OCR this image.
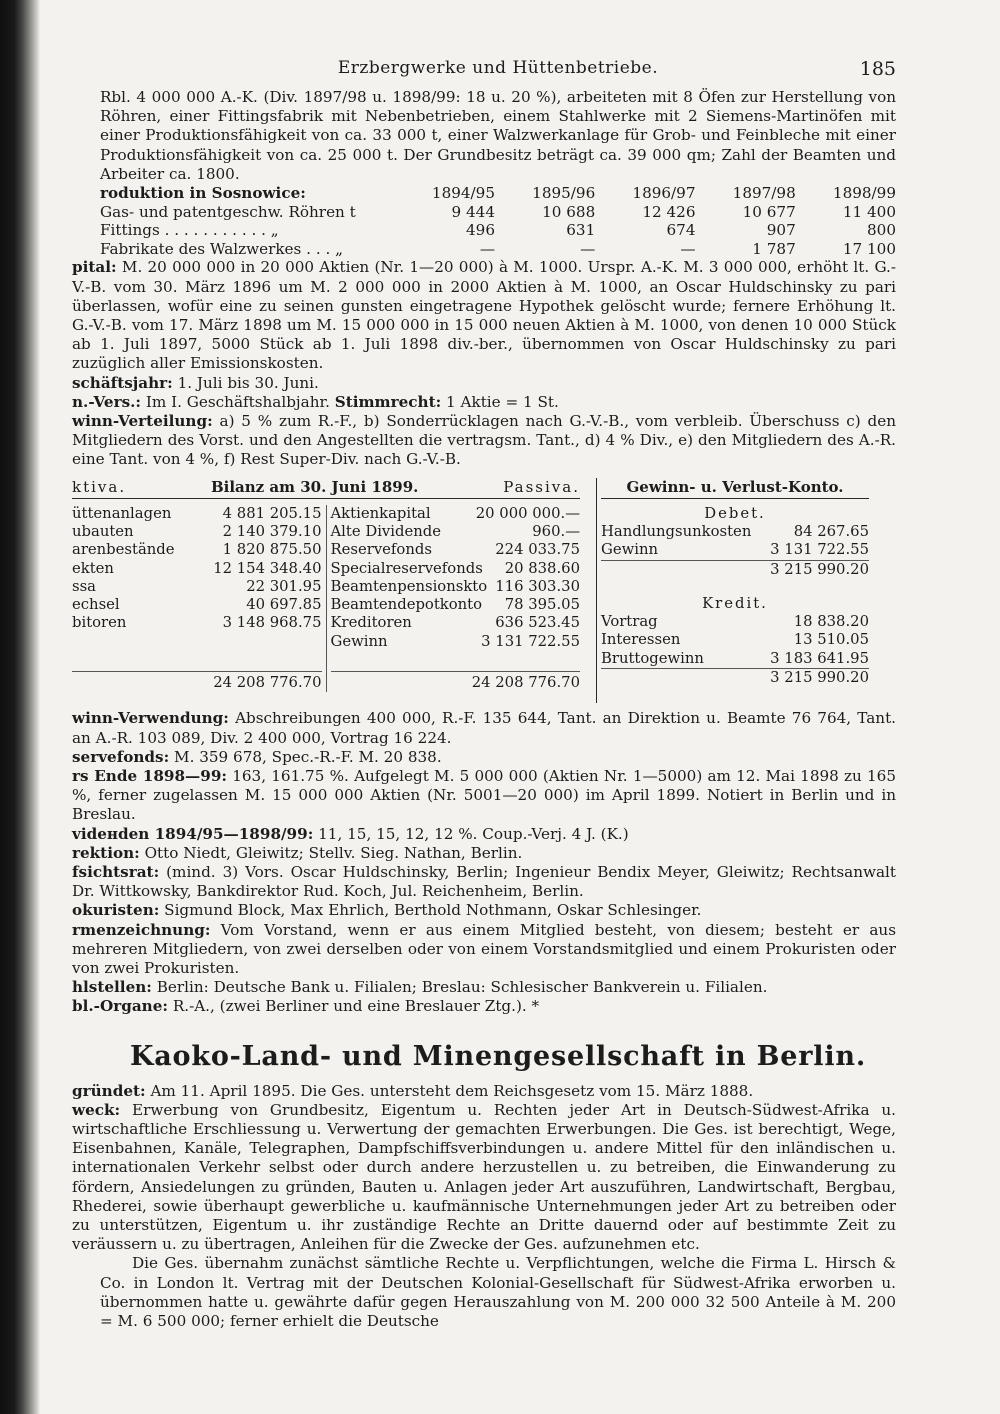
Erzbergwerke und Hüttenbetriebe.	185

Rbl. 4 000 000 A.-K. (Div. 1897/98 u. 1898/99: 18 u. 20 %), arbeiteten mit 8 Öfen zur Herstellung von Röhren, einer Fittingsfabrik mit Nebenbetrieben, einem Stahlwerke mit 2 Siemens-Martinöfen mit einer Produktionsfähigkeit von ca. 33 000 t, einer Walzwerkanlage für Grob- und Feinbleche mit einer Produktionsfähigkeit von ca. 25 000 t. Der Grundbesitz beträgt ca. 39 000 qm; Zahl der Beamten und Arbeiter ca. 1800.

roduktion in Sosnowice:	1894/95	1895/96	1896/97	1897/98	1898/99
Gas- und patentgeschw. Röhren t	9 444	10 688	12 426	10 677	11 400
Fittings . . . . . . . . . . . „	496	631	674	907	800
Fabrikate des Walzwerkes . . . „	—	—	—	1 787	17 100

pital: M. 20 000 000 in 20 000 Aktien (Nr. 1—20 000) à M. 1000. Urspr. A.-K. M. 3 000 000, erhöht lt. G.-V.-B. vom 30. März 1896 um M. 2 000 000 in 2000 Aktien à M. 1000, an Oscar Huldschinsky zu pari überlassen, wofür eine zu seinen gunsten eingetragene Hypothek gelöscht wurde; fernere Erhöhung lt. G.-V.-B. vom 17. März 1898 um M. 15 000 000 in 15 000 neuen Aktien à M. 1000, von denen 10 000 Stück ab 1. Juli 1897, 5000 Stück ab 1. Juli 1898 div.-ber., übernommen von Oscar Huldschinsky zu pari zuzüglich aller Emissionskosten.

schäftsjahr: 1. Juli bis 30. Juni.

n.-Vers.: Im I. Geschäftshalbjahr. Stimmrecht: 1 Aktie = 1 St.

winn-Verteilung: a) 5 % zum R.-F., b) Sonderrücklagen nach G.-V.-B., vom verbleib. Überschuss c) den Mitgliedern des Vorst. und den Angestellten die vertragsm. Tant., d) 4 % Div., e) den Mitgliedern des A.-R. eine Tant. von 4 %, f) Rest Super-Div. nach G.-V.-B.

ktiva.	Bilanz am 30. Juni 1899.	Passiva.
üttenanlagen	4 881 205.15
ubauten	2 140 379.10
arenbestände	1 820 875.50
ekten	12 154 348.40
ssa	22 301.95
echsel	40 697.85
bitoren	3 148 968.75
24 208 776.70
Aktienkapital	20 000 000.—
Alte Dividende	960.—
Reservefonds	224 033.75
Specialreservefonds 20 838.60
Beamtenpensionskto 116 303.30
Beamtendepotkonto 78 395.05
Kreditoren	636 523.45
Gewinn	3 131 722.55
24 208 776.70
Gewinn- u. Verlust-Konto.
Debet.
Handlungsunkosten	84 267.65
Gewinn	3 131 722.55
3 215 990.20
Kredit.
Vortrag	18 838.20
Interessen	13 510.05
Bruttogewinn	3 183 641.95
3 215 990.20

winn-Verwendung: Abschreibungen 400 000, R.-F. 135 644, Tant. an Direktion u. Beamte 76 764, Tant. an A.-R. 103 089, Div. 2 400 000, Vortrag 16 224.

servefonds: M. 359 678, Spec.-R.-F. M. 20 838.

rs Ende 1898—99: 163, 161.75 %. Aufgelegt M. 5 000 000 (Aktien Nr. 1—5000) am 12. Mai 1898 zu 165 %, ferner zugelassen M. 15 000 000 Aktien (Nr. 5001—20 000) im April 1899. Notiert in Berlin und in Breslau.

vidенden 1894/95—1898/99: 11, 15, 15, 12, 12 %. Coup.-Verj. 4 J. (K.)

rektion: Otto Niedt, Gleiwitz; Stellv. Sieg. Nathan, Berlin.

fsichtsrat: (mind. 3) Vors. Oscar Huldschinsky, Berlin; Ingenieur Bendix Meyer, Gleiwitz; Rechtsanwalt Dr. Wittkowsky, Bankdirektor Rud. Koch, Jul. Reichenheim, Berlin.

okuristen: Sigmund Block, Max Ehrlich, Berthold Nothmann, Oskar Schlesinger.

rmenzeichnung: Vom Vorstand, wenn er aus einem Mitglied besteht, von diesem; besteht er aus mehreren Mitgliedern, von zwei derselben oder von einem Vorstandsmitglied und einem Prokuristen oder von zwei Prokuristen.

hlstellen: Berlin: Deutsche Bank u. Filialen; Breslau: Schlesischer Bankverein u. Filialen.

bl.-Organe: R.-A., (zwei Berliner und eine Breslauer Ztg.). *

Kaoko-Land- und Minengesellschaft in Berlin.

gründet: Am 11. April 1895. Die Ges. untersteht dem Reichsgesetz vom 15. März 1888.

weck: Erwerbung von Grundbesitz, Eigentum u. Rechten jeder Art in Deutsch-Südwest-Afrika u. wirtschaftliche Erschliessung u. Verwertung der gemachten Erwerbungen. Die Ges. ist berechtigt, Wege, Eisenbahnen, Kanäle, Telegraphen, Dampfschiffsverbindungen u. andere Mittel für den inländischen u. internationalen Verkehr selbst oder durch andere herzustellen u. zu betreiben, die Einwanderung zu fördern, Ansiedelungen zu gründen, Bauten u. Anlagen jeder Art auszuführen, Landwirtschaft, Bergbau, Rhederei, sowie überhaupt gewerbliche u. kaufmännische Unternehmungen jeder Art zu betreiben oder zu unterstützen, Eigentum u. ihr zuständige Rechte an Dritte dauernd oder auf bestimmte Zeit zu veräussern u. zu übertragen, Anleihen für die Zwecke der Ges. aufzunehmen etc.

Die Ges. übernahm zunächst sämtliche Rechte u. Verpflichtungen, welche die Firma L. Hirsch & Co. in London lt. Vertrag mit der Deutschen Kolonial-Gesellschaft für Südwest-Afrika erworben u. übernommen hatte u. gewährte dafür gegen Herauszahlung von M. 200 000 32 500 Anteile à M. 200 = M. 6 500 000; ferner erhielt die Deutsche
